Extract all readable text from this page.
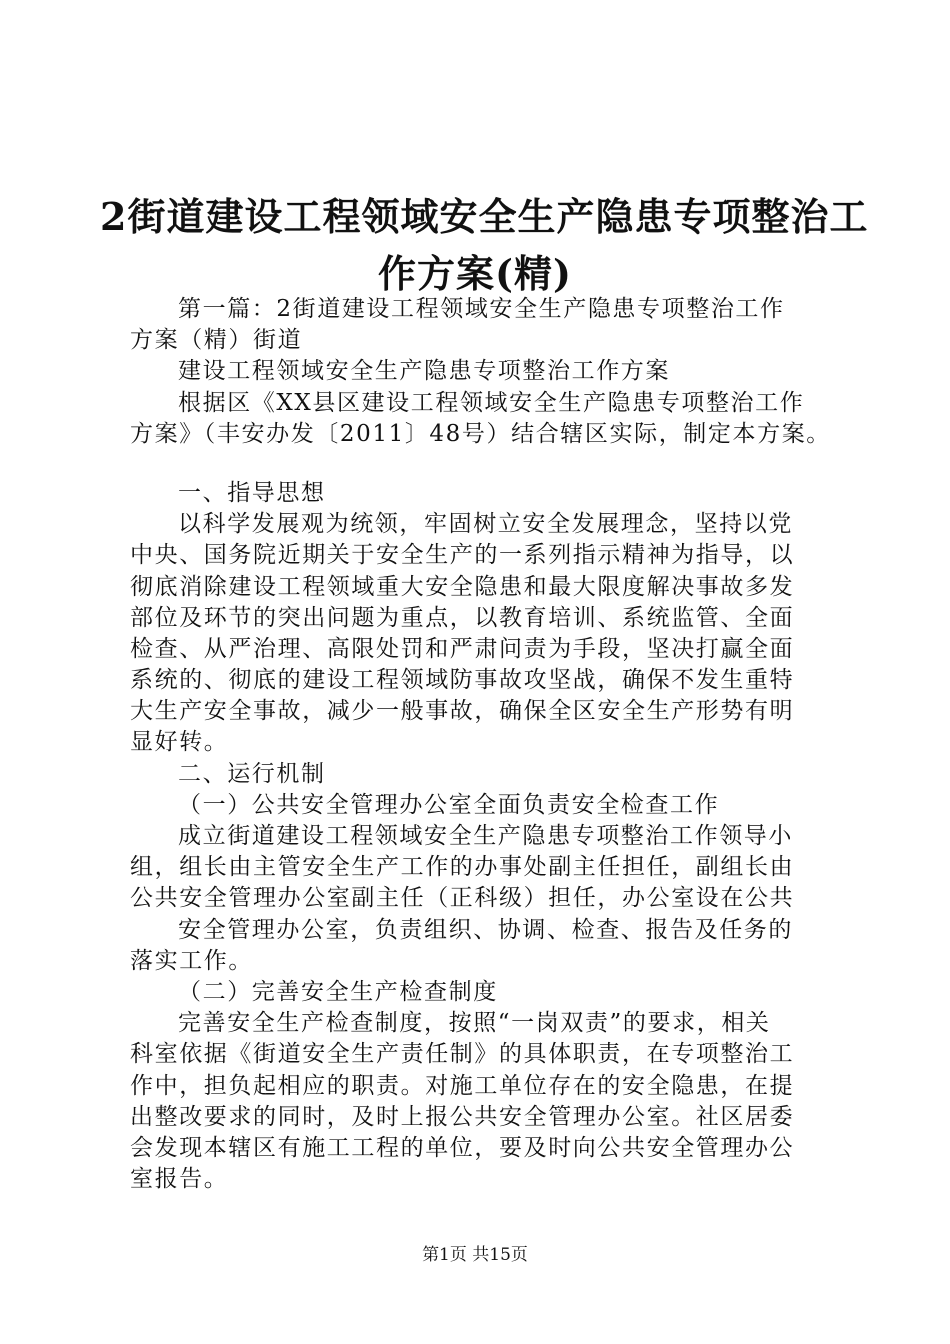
2街道建设工程领域安全生产隐患专项整治工
作方案(精)
第一篇：2街道建设工程领域安全生产隐患专项整治工作
方案（精）街道
建设工程领域安全生产隐患专项整治工作方案
根据区《XX县区建设工程领域安全生产隐患专项整治工作
方案》（丰安办发〔2011〕48号）结合辖区实际，制定本方案。
一、指导思想
以科学发展观为统领，牢固树立安全发展理念，坚持以党
中央、国务院近期关于安全生产的一系列指示精神为指导，以
彻底消除建设工程领域重大安全隐患和最大限度解决事故多发
部位及环节的突出问题为重点，以教育培训、系统监管、全面
检查、从严治理、高限处罚和严肃问责为手段，坚决打赢全面
系统的、彻底的建设工程领域防事故攻坚战，确保不发生重特
大生产安全事故，减少一般事故，确保全区安全生产形势有明
显好转。
二、运行机制
（一）公共安全管理办公室全面负责安全检查工作
成立街道建设工程领域安全生产隐患专项整治工作领导小
组，组长由主管安全生产工作的办事处副主任担任，副组长由
公共安全管理办公室副主任（正科级）担任，办公室设在公共
安全管理办公室，负责组织、协调、检查、报告及任务的
落实工作。
（二）完善安全生产检查制度
完善安全生产检查制度，按照“一岗双责”的要求，相关
科室依据《街道安全生产责任制》的具体职责，在专项整治工
作中，担负起相应的职责。对施工单位存在的安全隐患，在提
出整改要求的同时，及时上报公共安全管理办公室。社区居委
会发现本辖区有施工工程的单位，要及时向公共安全管理办公
室报告。
第1页 共15页
